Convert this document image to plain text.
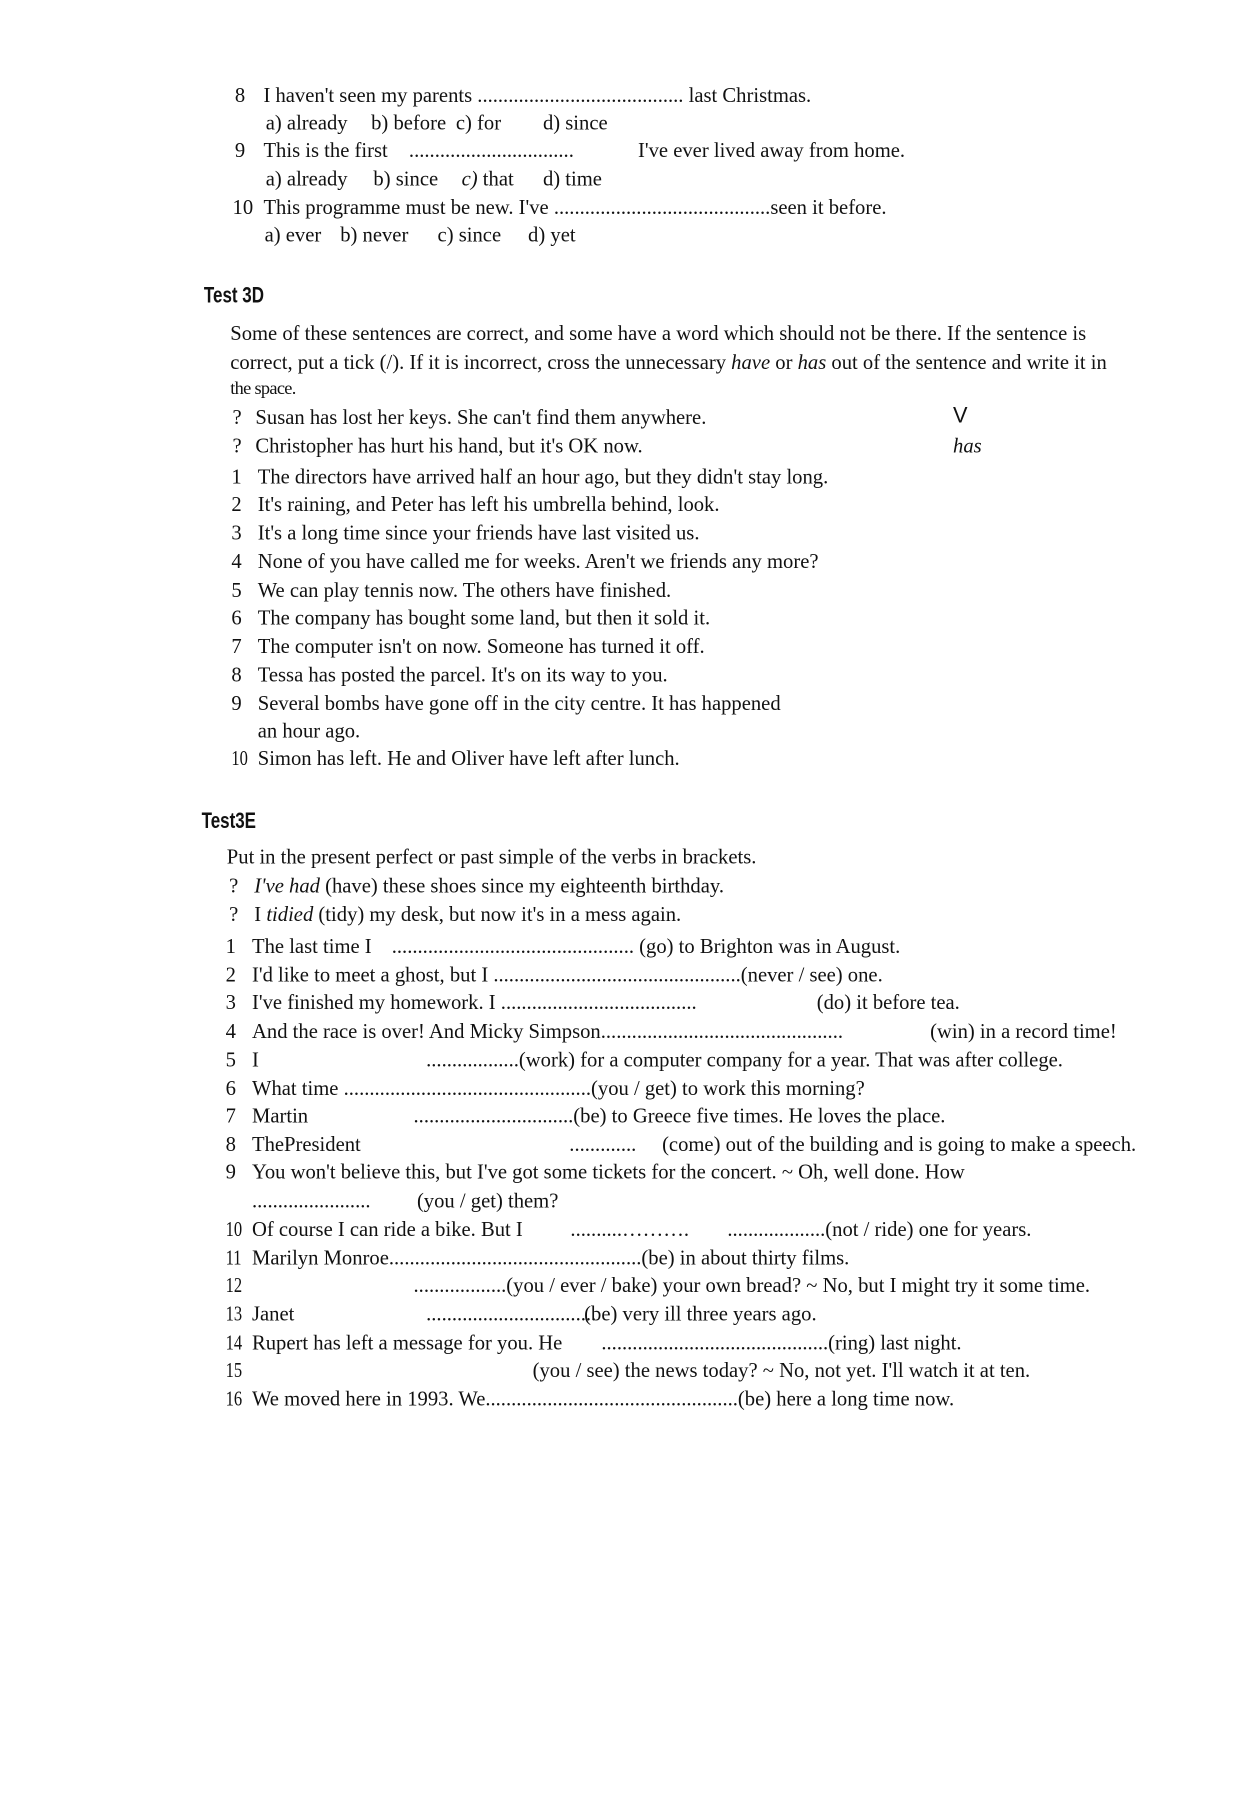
8 I haven't seen my parents ........................................ last Christmas.
a) already b) before c) for d) since
9 This is the first ................................	I've ever lived away from home.
a) already b) since c) that d) time
10 This programme must be new. I've ..........................................seen it before.
a) ever b) never c) since d) yet
Test 3D
Some of these sentences are correct, and some have a word which should not be there. If the sentence is
correct, put a tick (/). If it is incorrect, cross the unnecessary have or has out of the sentence and write it in
the space.
? Susan has lost her keys. She can't find them anywhere.	V
? Christopher has hurt his hand, but it's OK now.	has
1 The directors have arrived half an hour ago, but they didn't stay long.
2 It's raining, and Peter has left his umbrella behind, look.
3 It's a long time since your friends have last visited us.
4 None of you have called me for weeks. Aren't we friends any more?
5 We can play tennis now. The others have finished.
6 The company has bought some land, but then it sold it.
7 The computer isn't on now. Someone has turned it off.
8 Tessa has posted the parcel. It's on its way to you.
9 Several bombs have gone off in the city centre. It has happened
an hour ago.
10 Simon has left. He and Oliver have left after lunch.
Test3E
Put in the present perfect or past simple of the verbs in brackets.
? I've had (have) these shoes since my eighteenth birthday.
? I tidied (tidy) my desk, but now it's in a mess again.
1 The last time I ............................................... (go) to Brighton was in August.
2 I'd like to meet a ghost, but I ................................................(never / see) one.
3 I've finished my homework. I ......................................	(do) it before tea.
4 And the race is over! And Micky Simpson...............................................	(win) in a record time!
5 I	..................(work) for a computer company for a year. That was after college.
6 What time ................................................(you / get) to work this morning?
7 Martin	...............................(be) to Greece five times. He loves the place.
8 ThePresident	............. (come) out of the building and is going to make a speech.
9 You won't believe this, but I've got some tickets for the concert. ~ Oh, well done. How
.......................	(you / get) them?
10 Of course I can ride a bike. But I	..........………. ...................(not / ride) one for years.
11 Marilyn Monroe.................................................(be) in about thirty films.
12	..................(you / ever / bake) your own bread? ~ No, but I might try it some time.
13 Janet	.................................
(be) very ill three years ago.
14 Rupert has left a message for you. He ............................................(ring) last night.
15	(you / see) the news today? ~ No, not yet. I'll watch it at ten.
16 We moved here in 1993. We.................................................(be) here a long time now.
